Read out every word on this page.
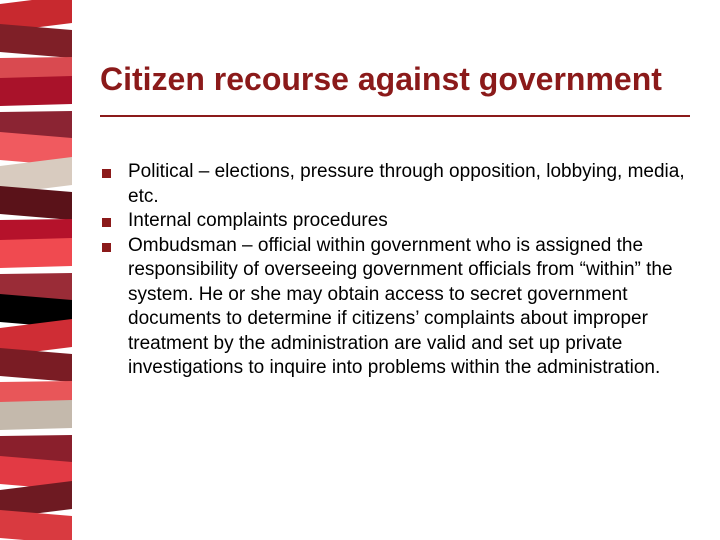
Citizen recourse against government
Political – elections, pressure through opposition, lobbying, media, etc.
Internal complaints procedures
Ombudsman – official within government who is assigned the responsibility of overseeing government officials from “within” the system. He or she may obtain access to secret government documents to determine if citizens’ complaints about improper treatment by the administration are valid and set up private investigations to inquire into problems within the administration.
